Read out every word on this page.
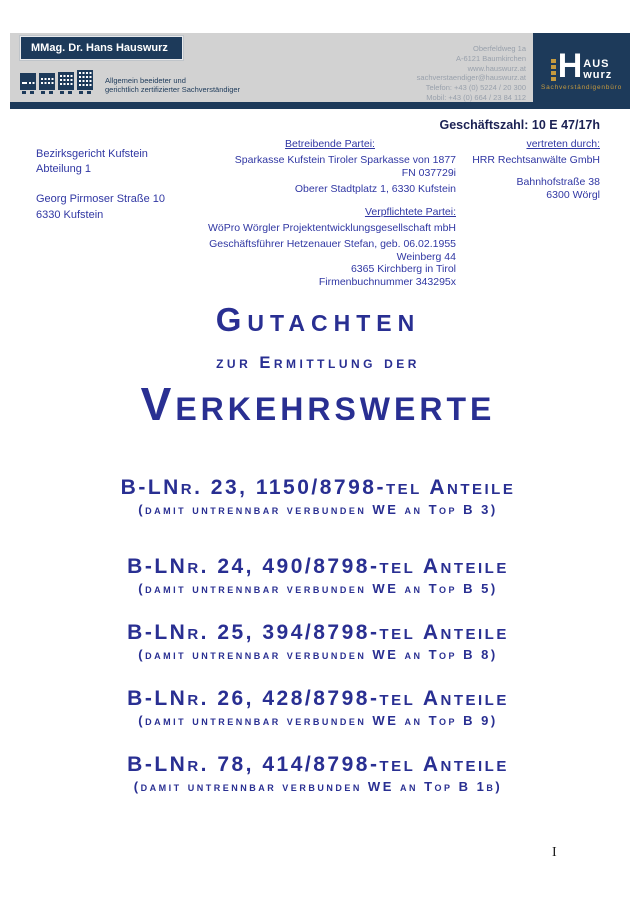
MMag. Dr. Hans Hauswurz
Allgemein beeideter und
gerichtlich zertifizierter Sachverständiger
Oberfeldweg 1a
A-6121 Baumkirchen
www.hauswurz.at
sachverstaendiger@hauswurz.at
Telefon: +43 (0) 5224 / 20 300
Mobil: +43 (0) 664 / 23 84 112
H AUS
wurz
Sachverständigenbüro
Geschäftszahl: 10 E 47/17h
Bezirksgericht Kufstein
Abteilung 1
Georg Pirmoser Straße 10
6330 Kufstein
Betreibende Partei:
Sparkasse Kufstein Tiroler Sparkasse von 1877
FN 037729i
Oberer Stadtplatz 1, 6330 Kufstein
Verpflichtete Partei:
WöPro Wörgler Projektentwicklungsgesellschaft mbH
Geschäftsführer Hetzenauer Stefan, geb. 06.02.1955
Weinberg 44
6365 Kirchberg in Tirol
Firmenbuchnummer 343295x
vertreten durch:
HRR Rechtsanwälte GmbH
Bahnhofstraße 38
6300 Wörgl
Gutachten
zur Ermittlung der
Verkehrswerte
B-LNr. 23, 1150/8798-tel Anteile
(damit untrennbar verbunden WE an Top B 3)
B-LNr. 24, 490/8798-tel Anteile
(damit untrennbar verbunden WE an Top B 5)
B-LNr. 25, 394/8798-tel Anteile
(damit untrennbar verbunden WE an Top B 8)
B-LNr. 26, 428/8798-tel Anteile
(damit untrennbar verbunden WE an Top B 9)
B-LNr. 78, 414/8798-tel Anteile
(damit untrennbar verbunden WE an Top B 1b)
I
